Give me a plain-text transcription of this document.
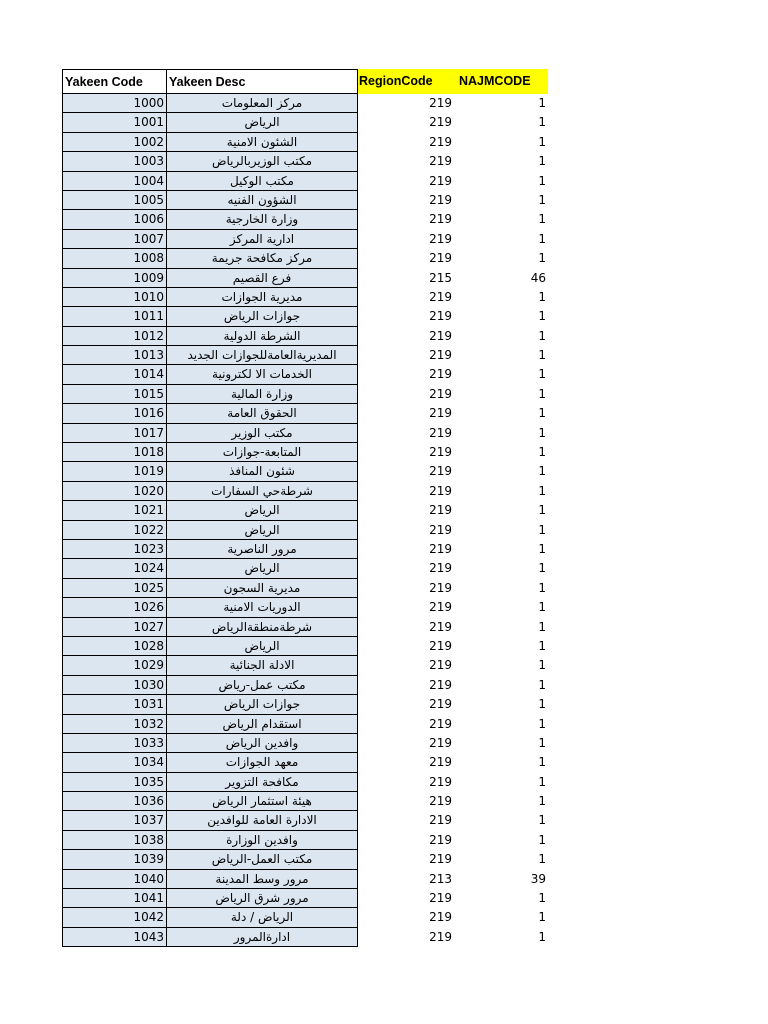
Yakeen Code	Yakeen Desc	RegionCode	NAJMCODE
1000	مركز المعلومات	219	1
1001	الرياض	219	1
1002	الشئون الامنية	219	1
1003	مكتب الوزيربالرياض	219	1
1004	مكتب الوكيل	219	1
1005	الشؤون الفنيه	219	1
1006	وزارة الخارجية	219	1
1007	ادارية المركز	219	1
1008	مركز مكافحة جريمة	219	1
1009	فرع القصيم	215	46
1010	مديرية الجوازات	219	1
1011	جوازات الرياض	219	1
1012	الشرطة الدولية	219	1
1013	المديريةالعامةللجوازات الجديد	219	1
1014	الخدمات الا لكترونية	219	1
1015	وزارة المالية	219	1
1016	الحقوق العامة	219	1
1017	مكتب الوزير	219	1
1018	المتابعة-جوازات	219	1
1019	شئون المنافذ	219	1
1020	شرطةحي السفارات	219	1
1021	الرياض	219	1
1022	الرياض	219	1
1023	مرور الناصرية	219	1
1024	الرياض	219	1
1025	مديرية السجون	219	1
1026	الدوريات الامنية	219	1
1027	شرطةمنطقةالرياض	219	1
1028	الرياض	219	1
1029	الادلة الجنائية	219	1
1030	مكتب عمل-رياض	219	1
1031	جوازات الرياض	219	1
1032	استقدام الرياض	219	1
1033	وافدين الرياض	219	1
1034	معهد الجوازات	219	1
1035	مكافحة التزوير	219	1
1036	هيئة استثمار الرياض	219	1
1037	الادارة العامة للوافدين	219	1
1038	وافدين الوزارة	219	1
1039	مكتب العمل-الرياض	219	1
1040	مرور وسط المدينة	213	39
1041	مرور شرق الرياض	219	1
1042	الرياض / دلة	219	1
1043	ادارةالمرور	219	1
